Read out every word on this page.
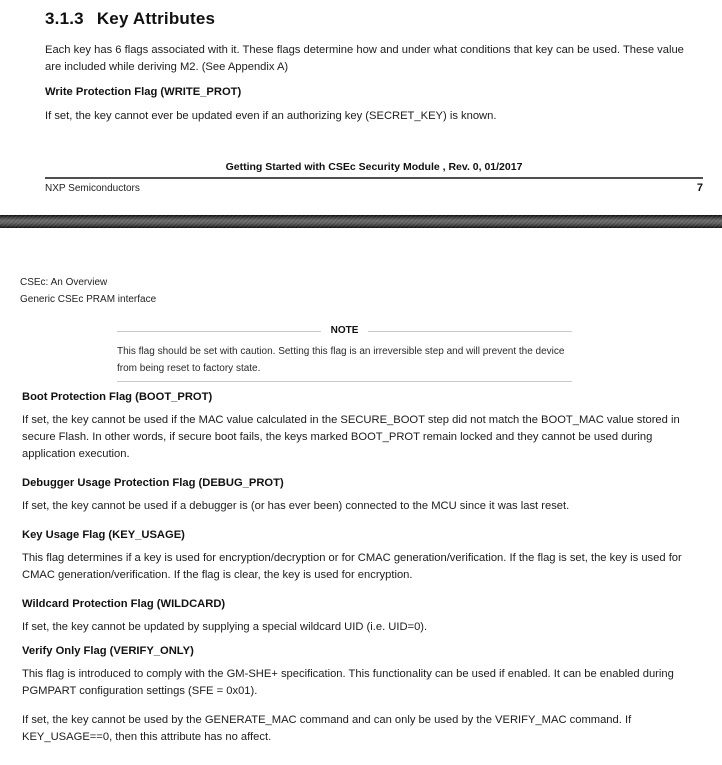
3.1.3 Key Attributes

Each key has 6 flags associated with it. These flags determine how and under what conditions that key can be used. These value are included while deriving M2. (See Appendix A)

Write Protection Flag (WRITE_PROT)

If set, the key cannot ever be updated even if an authorizing key (SECRET_KEY) is known.

Getting Started with CSEc Security Module , Rev. 0, 01/2017
NXP Semiconductors	7
CSEc: An Overview
Generic CSEc PRAM interface
NOTE

This flag should be set with caution. Setting this flag is an irreversible step and will prevent the device from being reset to factory state.

Boot Protection Flag (BOOT_PROT)

If set, the key cannot be used if the MAC value calculated in the SECURE_BOOT step did not match the BOOT_MAC value stored in secure Flash. In other words, if secure boot fails, the keys marked BOOT_PROT remain locked and they cannot be used during application execution.

Debugger Usage Protection Flag (DEBUG_PROT)

If set, the key cannot be used if a debugger is (or has ever been) connected to the MCU since it was last reset.

Key Usage Flag (KEY_USAGE)

This flag determines if a key is used for encryption/decryption or for CMAC generation/verification. If the flag is set, the key is used for CMAC generation/verification. If the flag is clear, the key is used for encryption.

Wildcard Protection Flag (WILDCARD)

If set, the key cannot be updated by supplying a special wildcard UID (i.e. UID=0).

Verify Only Flag (VERIFY_ONLY)

This flag is introduced to comply with the GM-SHE+ specification. This functionality can be used if enabled. It can be enabled during PGMPART configuration settings (SFE = 0x01).

If set, the key cannot be used by the GENERATE_MAC command and can only be used by the VERIFY_MAC command. If KEY_USAGE==0, then this attribute has no affect.
